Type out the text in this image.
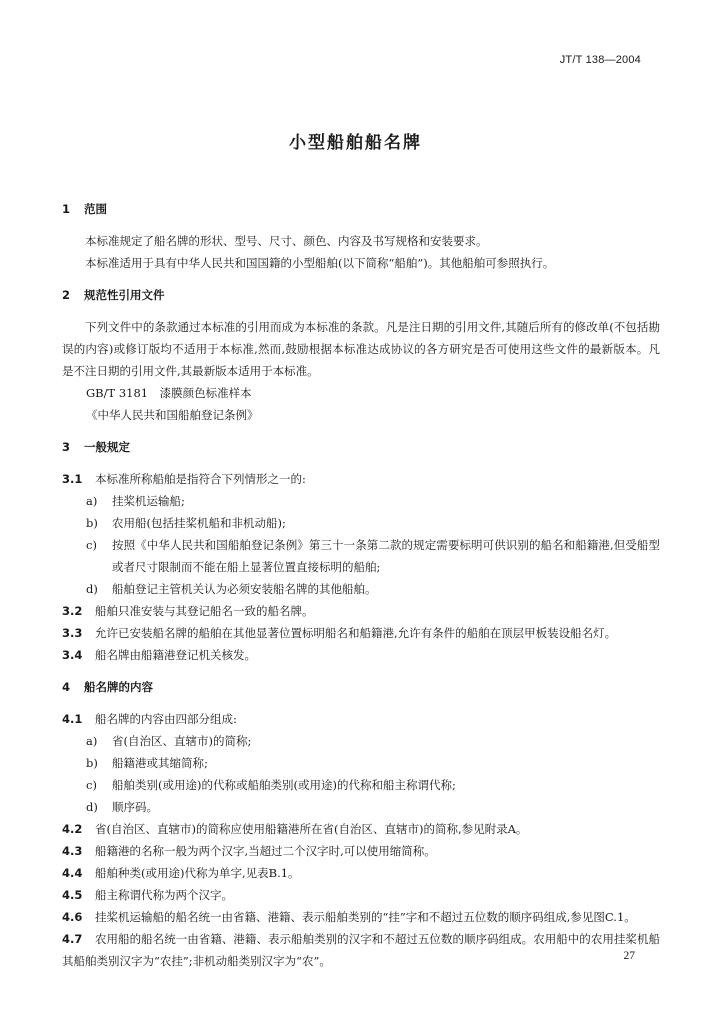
JT/T 138—2004
小型船舶船名牌

1 范围

本标准规定了船名牌的形状、型号、尺寸、颜色、内容及书写规格和安装要求。

本标准适用于具有中华人民共和国国籍的小型船舶(以下简称“船舶”)。其他船舶可参照执行。

2 规范性引用文件

下列文件中的条款通过本标准的引用而成为本标准的条款。凡是注日期的引用文件,其随后所有的修改单(不包括勘误的内容)或修订版均不适用于本标准,然而,鼓励根据本标准达成协议的各方研究是否可使用这些文件的最新版本。凡是不注日期的引用文件,其最新版本适用于本标准。

GB/T 3181　漆膜颜色标准样本

《中华人民共和国船舶登记条例》

3 一般规定

3.1 本标准所称船舶是指符合下列情形之一的:

a)	挂桨机运输船;
b)	农用船(包括挂桨机船和非机动船);
c)	按照《中华人民共和国船舶登记条例》第三十一条第二款的规定需要标明可供识别的船名和船籍港,但受船型或者尺寸限制而不能在船上显著位置直接标明的船舶;
d)	船舶登记主管机关认为必须安装船名牌的其他船舶。

3.2 船舶只准安装与其登记船名一致的船名牌。

3.3 允许已安装船名牌的船舶在其他显著位置标明船名和船籍港,允许有条件的船舶在顶层甲板装设船名灯。

3.4 船名牌由船籍港登记机关核发。

4 船名牌的内容

4.1 船名牌的内容由四部分组成:

a)	省(自治区、直辖市)的简称;
b)	船籍港或其缩简称;
c)	船舶类别(或用途)的代称或船舶类别(或用途)的代称和船主称谓代称;
d)	顺序码。

4.2 省(自治区、直辖市)的简称应使用船籍港所在省(自治区、直辖市)的简称,参见附录A。

4.3 船籍港的名称一般为两个汉字,当超过二个汉字时,可以使用缩简称。

4.4 船舶种类(或用途)代称为单字,见表B.1。

4.5 船主称谓代称为两个汉字。

4.6 挂桨机运输船的船名统一由省籍、港籍、表示船舶类别的“挂”字和不超过五位数的顺序码组成,参见图C.1。

4.7 农用船的船名统一由省籍、港籍、表示船舶类别的汉字和不超过五位数的顺序码组成。农用船中的农用挂桨机船其船舶类别汉字为“农挂”;非机动船类别汉字为“农”。	27
